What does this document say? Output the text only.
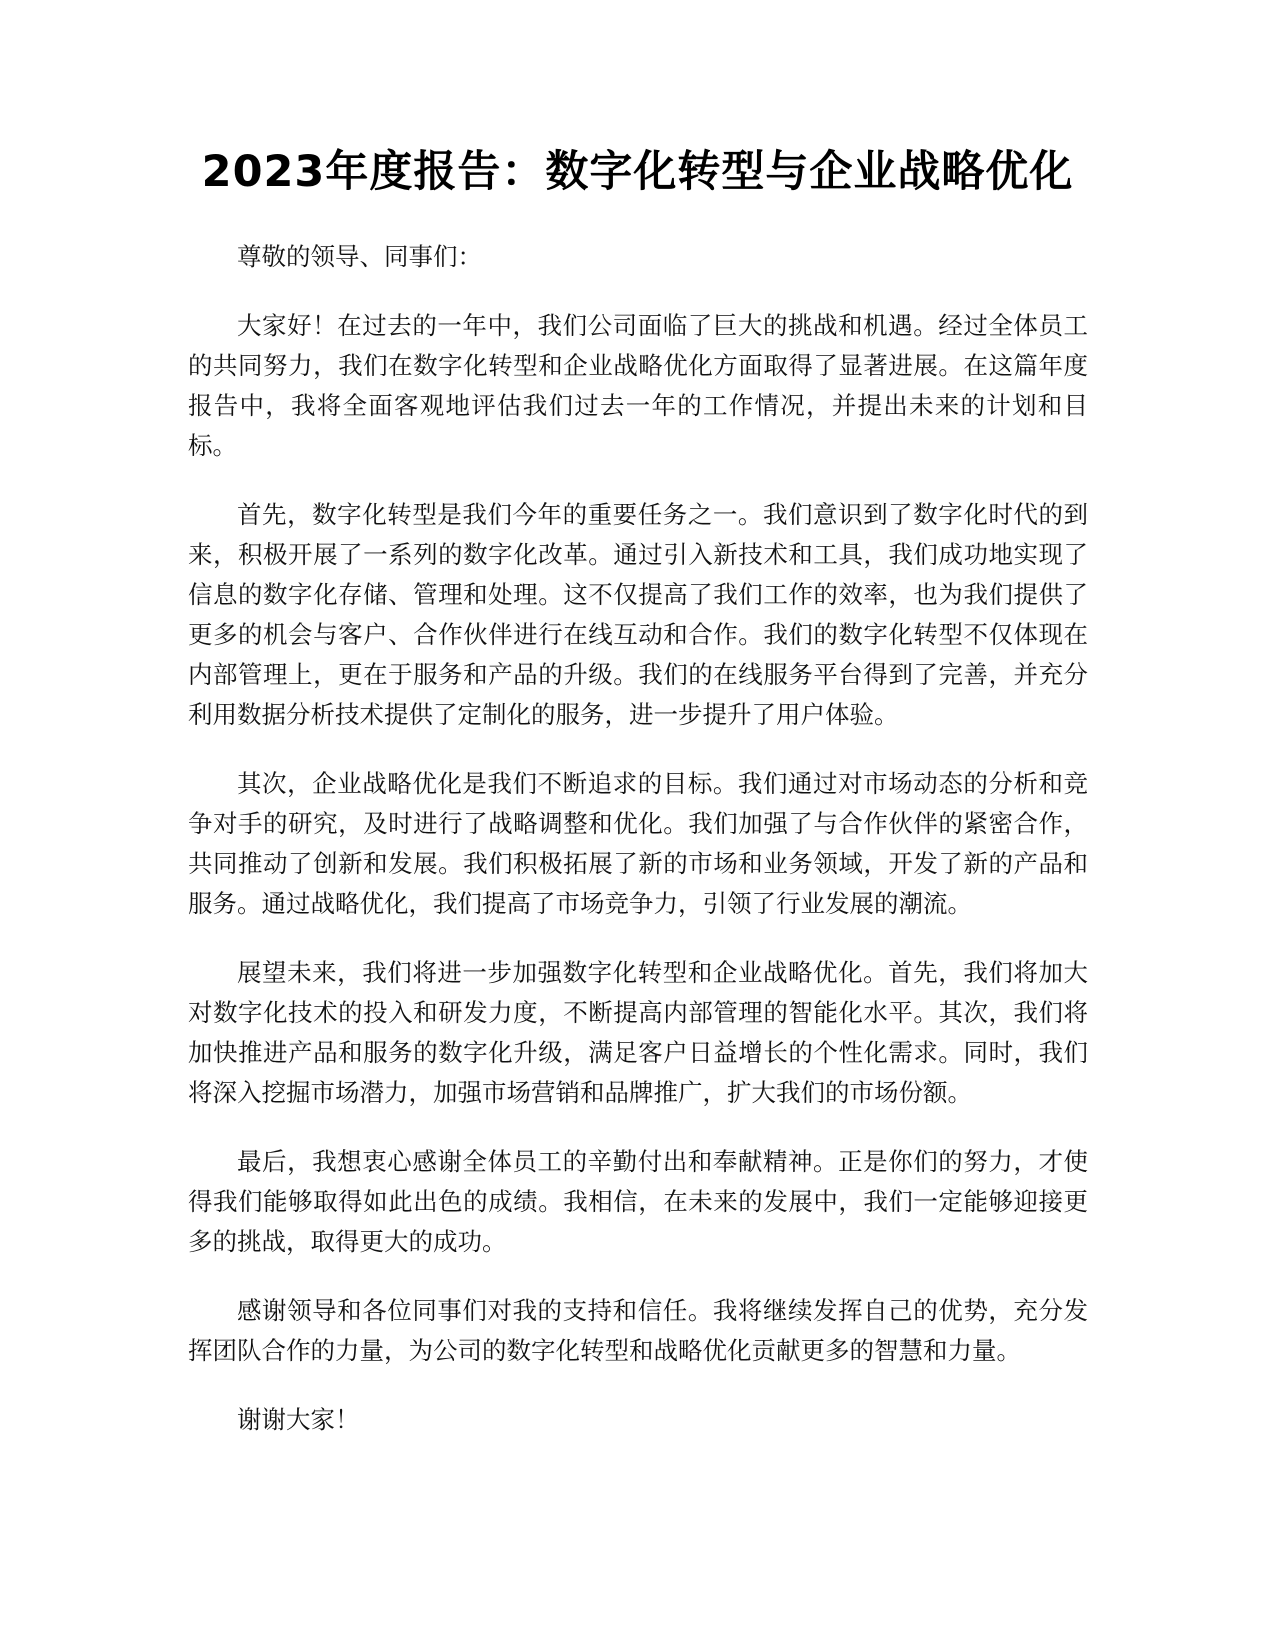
2023年度报告：数字化转型与企业战略优化

尊敬的领导、同事们：

大家好！在过去的一年中，我们公司面临了巨大的挑战和机遇。经过全体员工的共同努力，我们在数字化转型和企业战略优化方面取得了显著进展。在这篇年度报告中，我将全面客观地评估我们过去一年的工作情况，并提出未来的计划和目标。

首先，数字化转型是我们今年的重要任务之一。我们意识到了数字化时代的到来，积极开展了一系列的数字化改革。通过引入新技术和工具，我们成功地实现了信息的数字化存储、管理和处理。这不仅提高了我们工作的效率，也为我们提供了更多的机会与客户、合作伙伴进行在线互动和合作。我们的数字化转型不仅体现在内部管理上，更在于服务和产品的升级。我们的在线服务平台得到了完善，并充分利用数据分析技术提供了定制化的服务，进一步提升了用户体验。

其次，企业战略优化是我们不断追求的目标。我们通过对市场动态的分析和竞争对手的研究，及时进行了战略调整和优化。我们加强了与合作伙伴的紧密合作，共同推动了创新和发展。我们积极拓展了新的市场和业务领域，开发了新的产品和服务。通过战略优化，我们提高了市场竞争力，引领了行业发展的潮流。

展望未来，我们将进一步加强数字化转型和企业战略优化。首先，我们将加大对数字化技术的投入和研发力度，不断提高内部管理的智能化水平。其次，我们将加快推进产品和服务的数字化升级，满足客户日益增长的个性化需求。同时，我们将深入挖掘市场潜力，加强市场营销和品牌推广，扩大我们的市场份额。

最后，我想衷心感谢全体员工的辛勤付出和奉献精神。正是你们的努力，才使得我们能够取得如此出色的成绩。我相信，在未来的发展中，我们一定能够迎接更多的挑战，取得更大的成功。

感谢领导和各位同事们对我的支持和信任。我将继续发挥自己的优势，充分发挥团队合作的力量，为公司的数字化转型和战略优化贡献更多的智慧和力量。

谢谢大家！
